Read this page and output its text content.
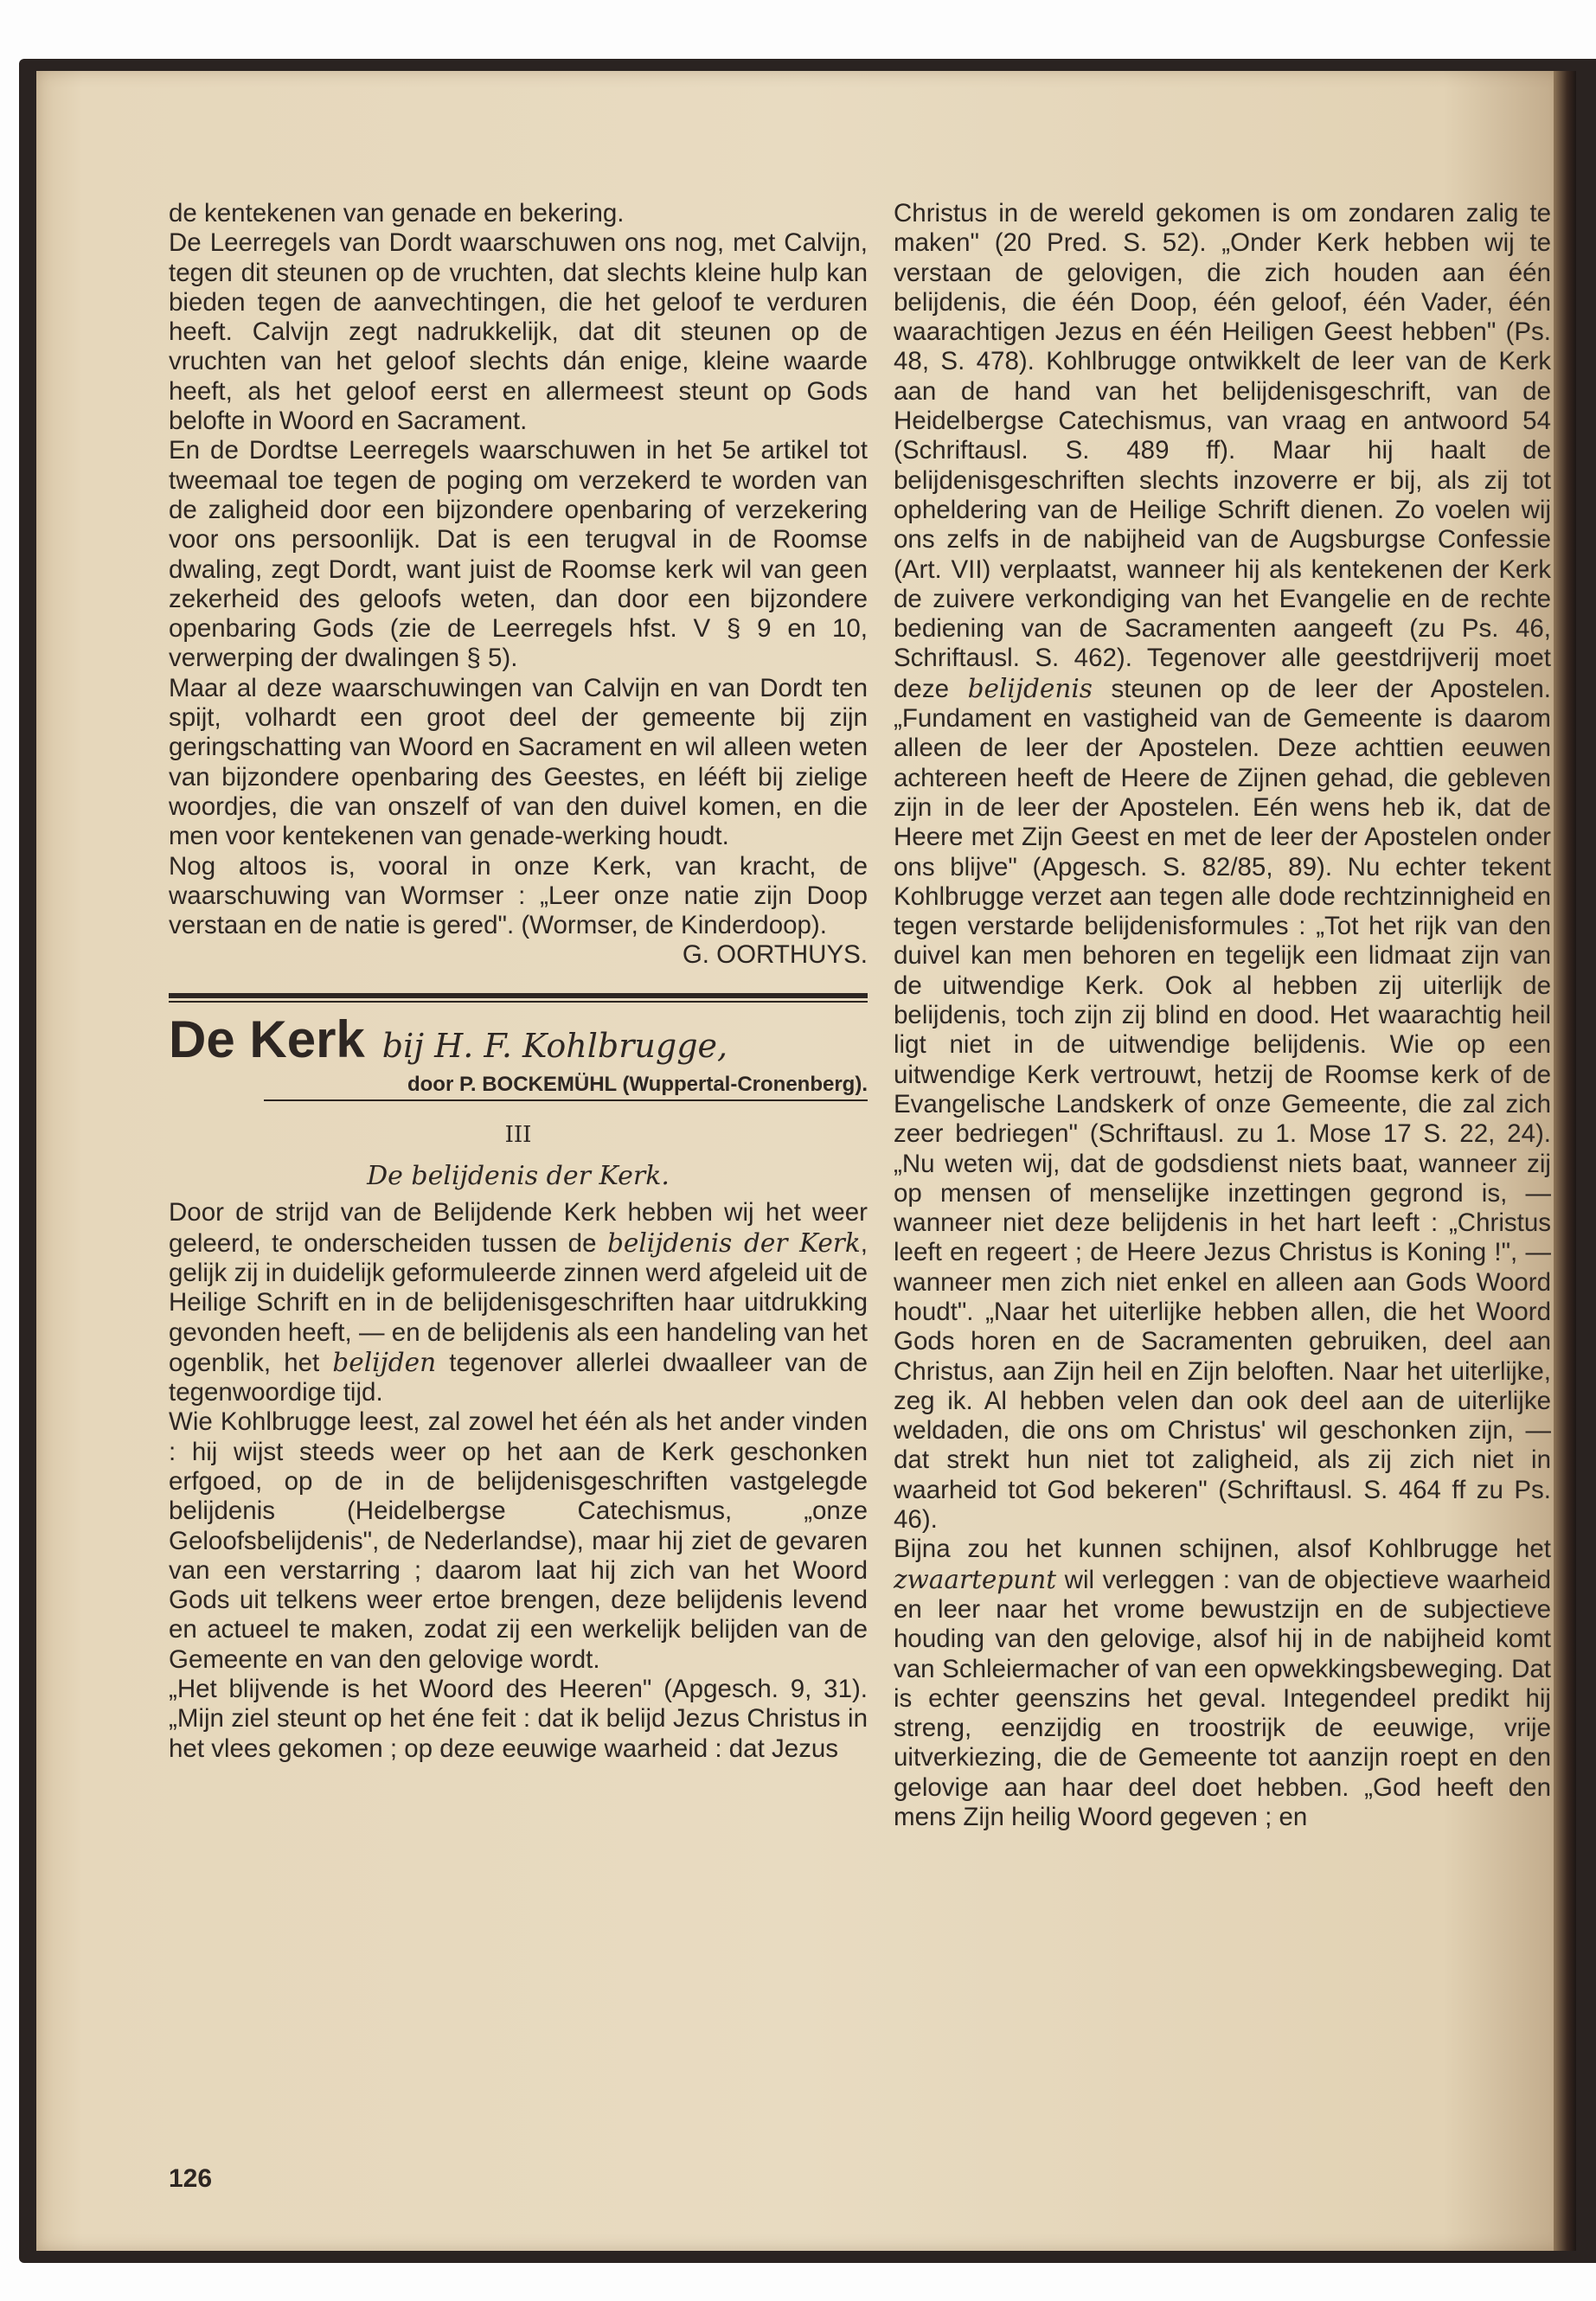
de kentekenen van genade en bekering.

De Leerregels van Dordt waarschuwen ons nog, met Calvijn, tegen dit steunen op de vruchten, dat slechts kleine hulp kan bieden tegen de aanvechtingen, die het geloof te verduren heeft. Calvijn zegt nadrukkelijk, dat dit steunen op de vruchten van het geloof slechts dán enige, kleine waarde heeft, als het geloof eerst en allermeest steunt op Gods belofte in Woord en Sacrament.

En de Dordtse Leerregels waarschuwen in het 5e artikel tot tweemaal toe tegen de poging om verzekerd te worden van de zaligheid door een bijzondere openbaring of verzekering voor ons persoonlijk. Dat is een terugval in de Roomse dwaling, zegt Dordt, want juist de Roomse kerk wil van geen zekerheid des geloofs weten, dan door een bijzondere openbaring Gods (zie de Leerregels hfst. V § 9 en 10, verwerping der dwalingen § 5).

Maar al deze waarschuwingen van Calvijn en van Dordt ten spijt, volhardt een groot deel der gemeente bij zijn geringschatting van Woord en Sacrament en wil alleen weten van bijzondere openbaring des Geestes, en lééft bij zielige woordjes, die van onszelf of van den duivel komen, en die men voor kentekenen van genade-werking houdt.

Nog altoos is, vooral in onze Kerk, van kracht, de waarschuwing van Wormser : „Leer onze natie zijn Doop verstaan en de natie is gered". (Wormser, de Kinderdoop).

G. OORTHUYS.

De Kerk bij H. F. Kohlbrugge,
door P. BOCKEMÜHL (Wuppertal-Cronenberg).
III
De belijdenis der Kerk.

Door de strijd van de Belijdende Kerk hebben wij het weer geleerd, te onderscheiden tussen de belijdenis der Kerk, gelijk zij in duidelijk geformuleerde zinnen werd afgeleid uit de Heilige Schrift en in de belijdenisgeschriften haar uitdrukking gevonden heeft, — en de belijdenis als een handeling van het ogenblik, het belijden tegenover allerlei dwaalleer van de tegenwoordige tijd.

Wie Kohlbrugge leest, zal zowel het één als het ander vinden : hij wijst steeds weer op het aan de Kerk geschonken erfgoed, op de in de belijdenisgeschriften vastgelegde belijdenis (Heidelbergse Catechismus, „onze Geloofsbelijdenis", de Nederlandse), maar hij ziet de gevaren van een verstarring ; daarom laat hij zich van het Woord Gods uit telkens weer ertoe brengen, deze belijdenis levend en actueel te maken, zodat zij een werkelijk belijden van de Gemeente en van den gelovige wordt.

„Het blijvende is het Woord des Heeren" (Apgesch. 9, 31). „Mijn ziel steunt op het éne feit : dat ik belijd Jezus Christus in het vlees gekomen ; op deze eeuwige waarheid : dat Jezus

Christus in de wereld gekomen is om zondaren zalig te maken" (20 Pred. S. 52). „Onder Kerk hebben wij te verstaan de gelovigen, die zich houden aan één belijdenis, die één Doop, één geloof, één Vader, één waarachtigen Jezus en één Heiligen Geest hebben" (Ps. 48, S. 478). Kohlbrugge ontwikkelt de leer van de Kerk aan de hand van het belijdenisgeschrift, van de Heidelbergse Catechismus, van vraag en antwoord 54 (Schriftausl. S. 489 ff). Maar hij haalt de belijdenisgeschriften slechts inzoverre er bij, als zij tot opheldering van de Heilige Schrift dienen. Zo voelen wij ons zelfs in de nabijheid van de Augsburgse Confessie (Art. VII) verplaatst, wanneer hij als kentekenen der Kerk de zuivere verkondiging van het Evangelie en de rechte bediening van de Sacramenten aangeeft (zu Ps. 46, Schriftausl. S. 462). Tegenover alle geestdrijverij moet deze belijdenis steunen op de leer der Apostelen. „Fundament en vastigheid van de Gemeente is daarom alleen de leer der Apostelen. Deze achttien eeuwen achtereen heeft de Heere de Zijnen gehad, die gebleven zijn in de leer der Apostelen. Eén wens heb ik, dat de Heere met Zijn Geest en met de leer der Apostelen onder ons blijve" (Apgesch. S. 82/85, 89). Nu echter tekent Kohlbrugge verzet aan tegen alle dode rechtzinnigheid en tegen verstarde belijdenisformules : „Tot het rijk van den duivel kan men behoren en tegelijk een lidmaat zijn van de uitwendige Kerk. Ook al hebben zij uiterlijk de belijdenis, toch zijn zij blind en dood. Het waarachtig heil ligt niet in de uitwendige belijdenis. Wie op een uitwendige Kerk vertrouwt, hetzij de Roomse kerk of de Evangelische Landskerk of onze Gemeente, die zal zich zeer bedriegen" (Schriftausl. zu 1. Mose 17 S. 22, 24). „Nu weten wij, dat de godsdienst niets baat, wanneer zij op mensen of menselijke inzettingen gegrond is, — wanneer niet deze belijdenis in het hart leeft : „Christus leeft en regeert ; de Heere Jezus Christus is Koning !", — wanneer men zich niet enkel en alleen aan Gods Woord houdt". „Naar het uiterlijke hebben allen, die het Woord Gods horen en de Sacramenten gebruiken, deel aan Christus, aan Zijn heil en Zijn beloften. Naar het uiterlijke, zeg ik. Al hebben velen dan ook deel aan de uiterlijke weldaden, die ons om Christus' wil geschonken zijn, — dat strekt hun niet tot zaligheid, als zij zich niet in waarheid tot God bekeren" (Schriftausl. S. 464 ff zu Ps. 46).

Bijna zou het kunnen schijnen, alsof Kohlbrugge het zwaartepunt wil verleggen : van de objectieve waarheid en leer naar het vrome bewustzijn en de subjectieve houding van den gelovige, alsof hij in de nabijheid komt van Schleiermacher of van een opwekkingsbeweging. Dat is echter geenszins het geval. Integendeel predikt hij streng, eenzijdig en troostrijk de eeuwige, vrije uitverkiezing, die de Gemeente tot aanzijn roept en den gelovige aan haar deel doet hebben. „God heeft den mens Zijn heilig Woord gegeven ; en

126
